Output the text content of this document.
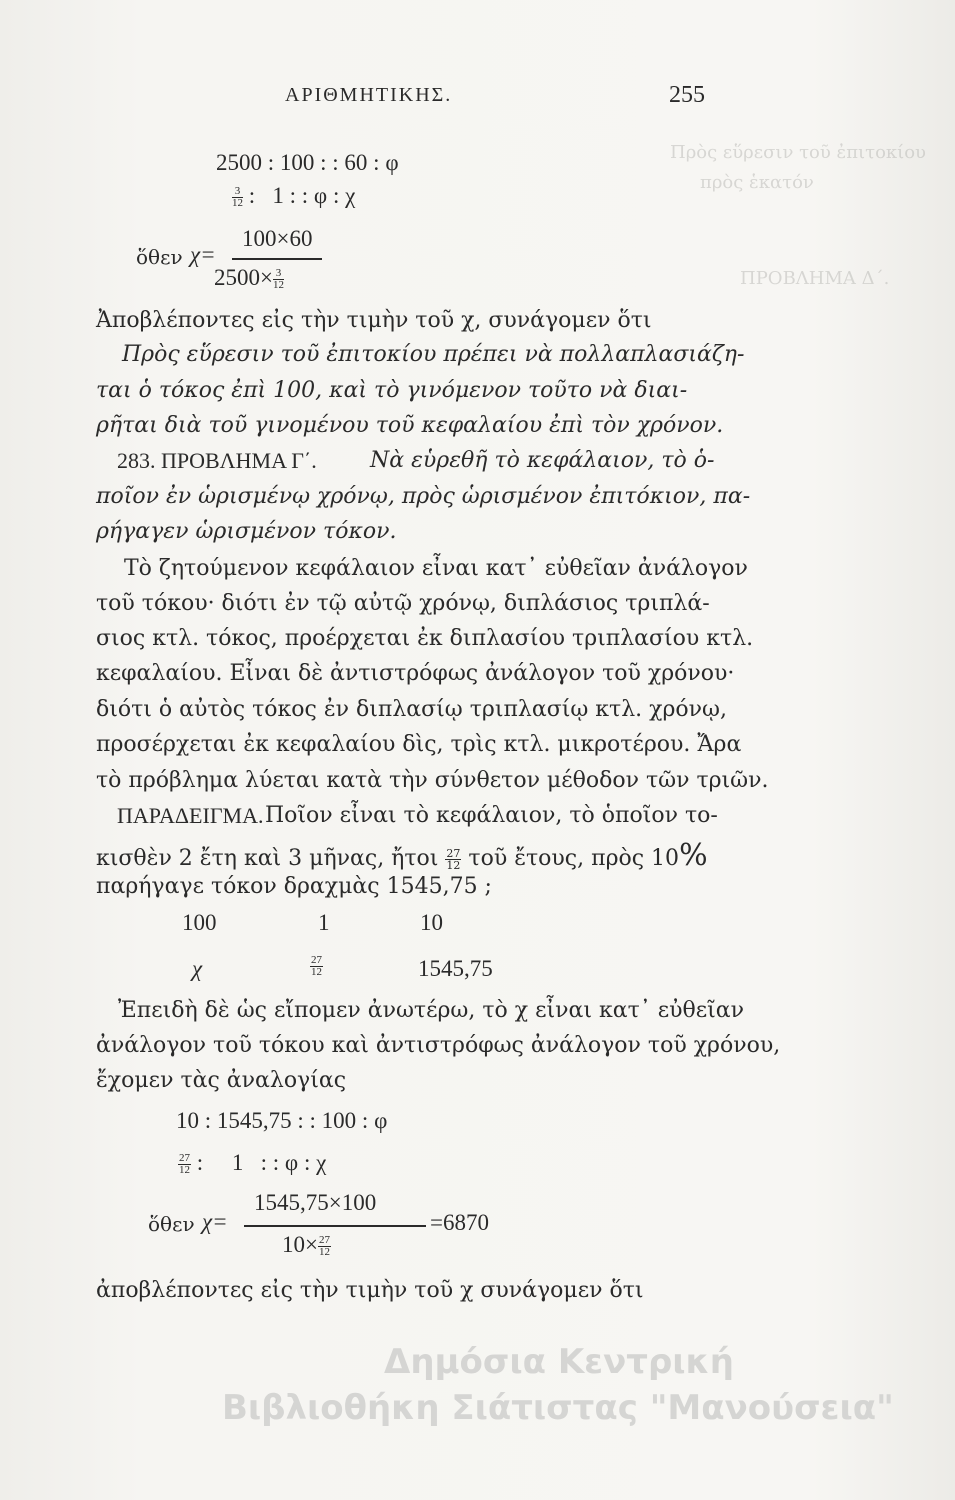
Πρὸς εὕρεσιν τοῦ ἐπιτοκίου
πρὸς ἑκατόν
ΠΡΟΒΛΗΜΑ Δ΄.
ΑΡΙΘΜΗΤΙΚΗΣ.	255
2500 : 100 : : 60 : φ
$\frac{3}{12}$ : 1 : : φ : χ
100×60
ὅθεν χ=
$2500\times \frac{3}{12}$
Ἀποβλέποντες εἰς τὴν τιμὴν τοῦ χ, συνάγομεν ὅτι
Πρὸς εὕρεσιν τοῦ ἐπιτοκίου πρέπει νὰ πολλαπλασιάζη-
ται ὁ τόκος ἐπὶ 100, καὶ τὸ γινόμενον τοῦτο νὰ διαι-
ρῆται διὰ τοῦ γινομένου τοῦ κεφαλαίου ἐπὶ τὸν χρόνον.
283. ΠΡΟΒΛΗΜΑ Γ΄. Νὰ εὑρεθῆ τὸ κεφάλαιον, τὸ ὁ-
ποῖον ἐν ὡρισμένῳ χρόνῳ, πρὸς ὡρισμένον ἐπιτόκιον, πα-
ρήγαγεν ὡρισμένον τόκον.
Τὸ ζητούμενον κεφάλαιον εἶναι κατ᾿ εὐθεῖαν ἀνάλογον
τοῦ τόκου· διότι ἐν τῷ αὐτῷ χρόνῳ, διπλάσιος τριπλά-
σιος κτλ. τόκος, προέρχεται ἐκ διπλασίου τριπλασίου κτλ.
κεφαλαίου. Εἶναι δὲ ἀντιστρόφως ἀνάλογον τοῦ χρόνου·
διότι ὁ αὐτὸς τόκος ἐν διπλασίῳ τριπλασίῳ κτλ. χρόνῳ,
προσέρχεται ἐκ κεφαλαίου δὶς, τρὶς κτλ. μικροτέρου. Ἄρα
τὸ πρόβλημα λύεται κατὰ τὴν σύνθετον μέθοδον τῶν τριῶν.
ΠΑΡΑΔΕΙΓΜΑ. Ποῖον εἶναι τὸ κεφάλαιον, τὸ ὁποῖον το-
κισθὲν 2 ἔτη καὶ 3 μῆνας, ἤτοι $\frac{27}{12}$ τοῦ ἔτους, πρὸς 10%
παρήγαγε τόκον δραχμὰς 1545,75 ;
100	1	10
χ	$\frac{27}{12}$	1545,75
Ἐπειδὴ δὲ ὡς εἴπομεν ἀνωτέρω, τὸ χ εἶναι κατ᾿ εὐθεῖαν
ἀνάλογον τοῦ τόκου καὶ ἀντιστρόφως ἀνάλογον τοῦ χρόνου,
ἔχομεν τὰς ἀναλογίας
10 : 1545,75 : : 100 : φ
$\frac{27}{12}$ : 1 : : φ : χ
1545,75×100
ὅθεν χ=	=6870
$10\times \frac{27}{12}$
ἀποβλέποντες εἰς τὴν τιμὴν τοῦ χ συνάγομεν ὅτι
Δημόσια Κεντρική
Βιβλιοθήκη Σιάτιστας "Μανούσεια"
